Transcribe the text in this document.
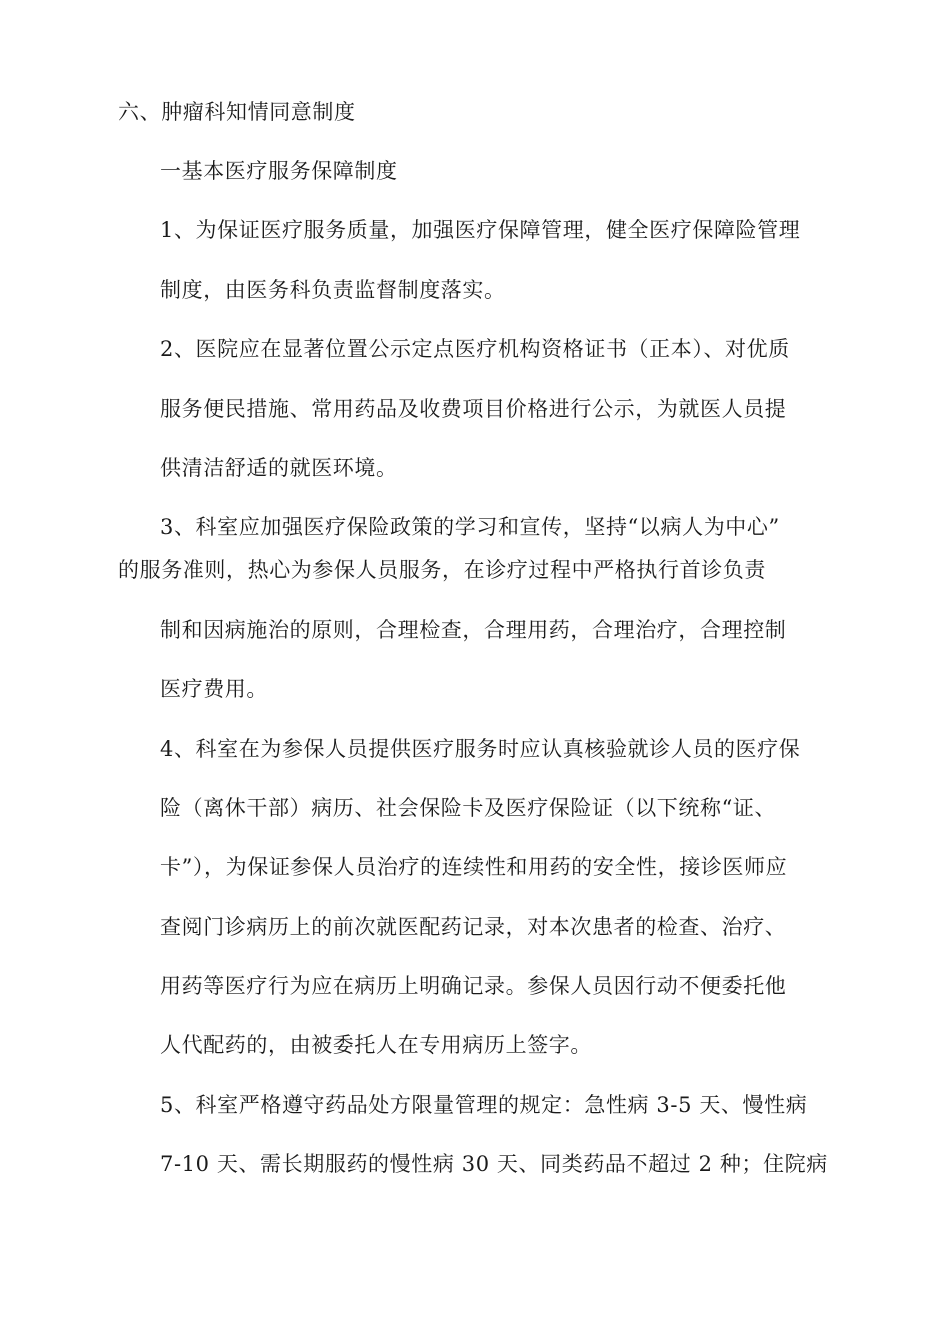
六、肿瘤科知情同意制度
一基本医疗服务保障制度
1、为保证医疗服务质量，加强医疗保障管理，健全医疗保障险管理
制度，由医务科负责监督制度落实。
2、医院应在显著位置公示定点医疗机构资格证书（正本）、对优质
服务便民措施、常用药品及收费项目价格进行公示，为就医人员提
供清洁舒适的就医环境。
3、科室应加强医疗保险政策的学习和宣传，坚持“以病人为中心”
的服务准则，热心为参保人员服务，在诊疗过程中严格执行首诊负责
制和因病施治的原则，合理检查，合理用药，合理治疗，合理控制
医疗费用。
4、科室在为参保人员提供医疗服务时应认真核验就诊人员的医疗保
险（离休干部）病历、社会保险卡及医疗保险证（以下统称“证、
卡”），为保证参保人员治疗的连续性和用药的安全性，接诊医师应
查阅门诊病历上的前次就医配药记录，对本次患者的检查、治疗、
用药等医疗行为应在病历上明确记录。参保人员因行动不便委托他
人代配药的，由被委托人在专用病历上签字。
5、科室严格遵守药品处方限量管理的规定：急性病 3-5 天、慢性病
7-10 天、需长期服药的慢性病 30 天、同类药品不超过 2 种；住院病
